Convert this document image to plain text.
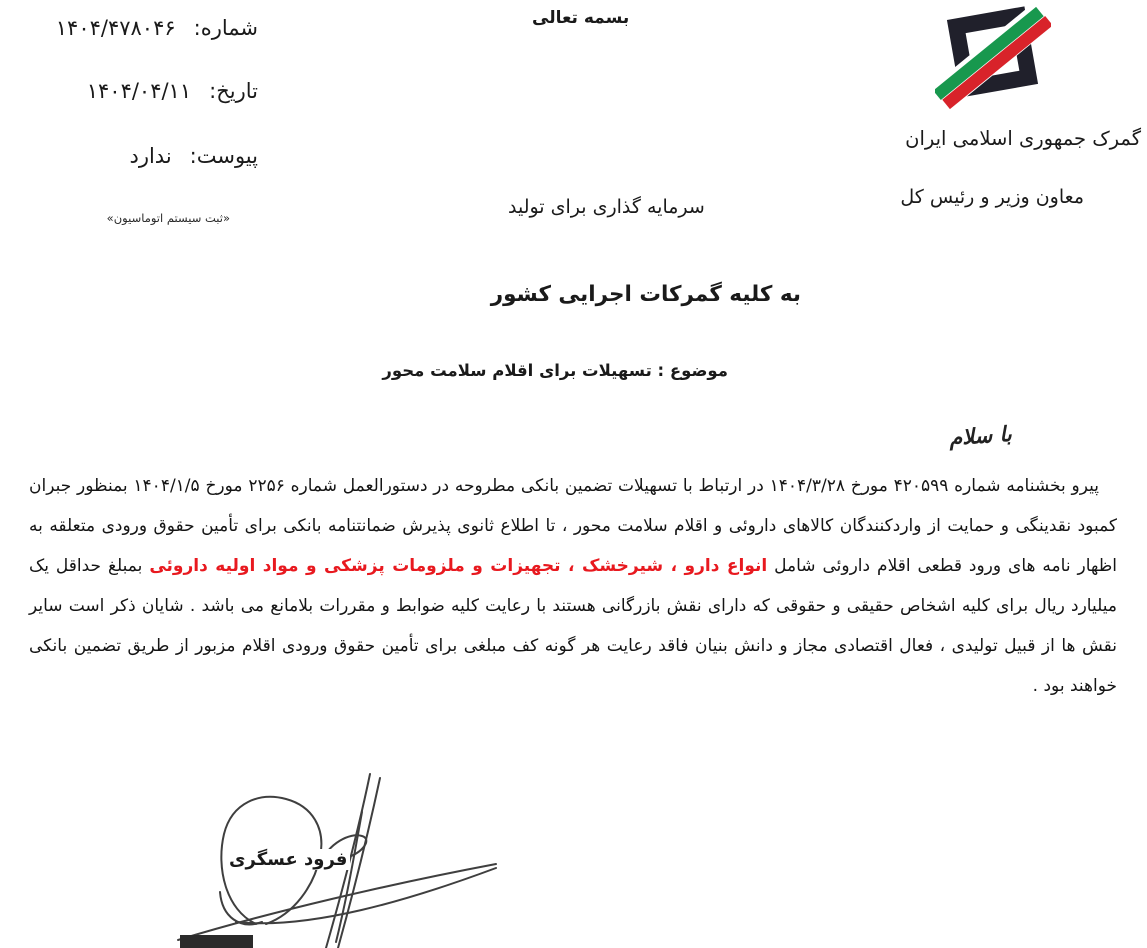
شماره:
۱۴۰۴/۴۷۸۰۴۶
تاریخ:
۱۴۰۴/۰۴/۱۱
پیوست:
ندارد
«ثبت سیستم اتوماسیون»
بسمه تعالی
سرمایه گذاری برای تولید
گمرک جمهوری اسلامی ایران
معاون وزیر و رئیس کل
به کلیه گمرکات اجرایی کشور
موضوع : تسهیلات برای اقلام سلامت محور
با سلام
پیرو بخشنامه شماره ۴۲۰۵۹۹ مورخ ۱۴۰۴/۳/۲۸ در ارتباط با تسهیلات تضمین بانکی مطروحه در دستورالعمل شماره ۲۲۵۶ مورخ ۱۴۰۴/۱/۵ بمنظور جبران کمبود نقدینگی و حمایت از واردکنندگان کالاهای داروئی و اقلام سلامت محور ، تا اطلاع ثانوی پذیرش ضمانتنامه بانکی برای تأمین حقوق ورودی متعلقه به اظهار نامه های ورود قطعی اقلام داروئی شامل انواع دارو ، شیرخشک ، تجهیزات و ملزومات پزشکی و مواد اولیه داروئی بمبلغ حداقل یک میلیارد ریال برای کلیه اشخاص حقیقی و حقوقی که دارای نقش بازرگانی هستند با رعایت کلیه ضوابط و مقررات بلامانع می باشد . شایان ذکر است سایر نقش ها از قبیل تولیدی ، فعال اقتصادی مجاز و دانش بنیان فاقد رعایت هر گونه کف مبلغی برای تأمین حقوق ورودی اقلام مزبور از طریق تضمین بانکی خواهند بود .
فرود عسگری
